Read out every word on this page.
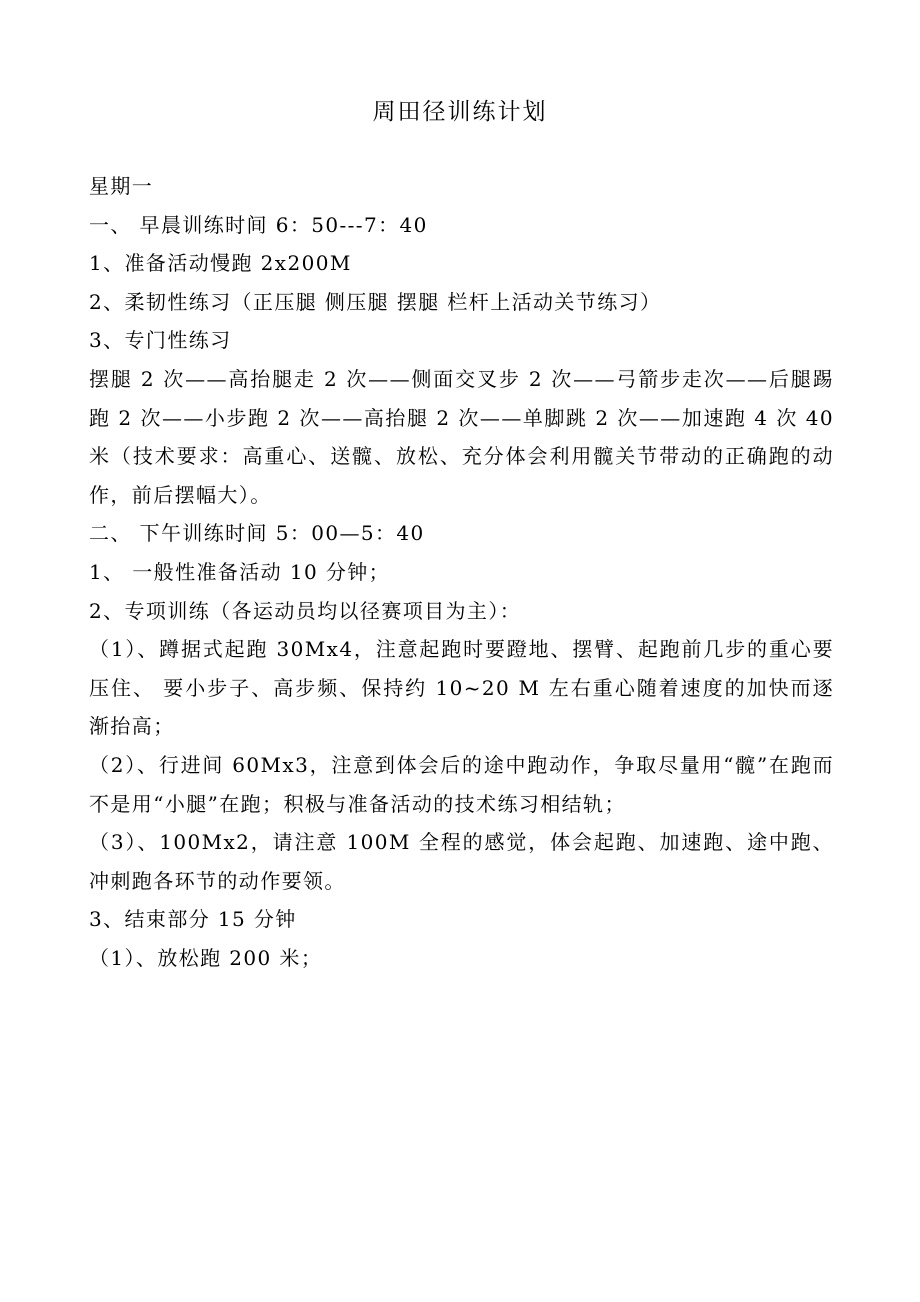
周田径训练计划

星期一

一、 早晨训练时间 6：50---7：40

1、准备活动慢跑 2x200M

2、柔韧性练习（正压腿 侧压腿 摆腿 栏杆上活动关节练习）

3、专门性练习

摆腿 2 次——高抬腿走 2 次——侧面交叉步 2 次——弓箭步走次——后腿踢跑 2 次——小步跑 2 次——高抬腿 2 次——单脚跳 2 次——加速跑 4 次 40 米（技术要求：高重心、送髋、放松、充分体会利用髋关节带动的正确跑的动作，前后摆幅大）。

二、 下午训练时间 5：00—5：40

1、 一般性准备活动 10 分钟；

2、专项训练（各运动员均以径赛项目为主）：

（1）、蹲据式起跑 30Mx4，注意起跑时要蹬地、摆臂、起跑前几步的重心要压住、 要小步子、高步频、保持约 10~20 M 左右重心随着速度的加快而逐渐抬高；

（2）、行进间 60Mx3，注意到体会后的途中跑动作，争取尽量用“髋”在跑而不是用“小腿”在跑；积极与准备活动的技术练习相结轨；

（3）、100Mx2，请注意 100M 全程的感觉，体会起跑、加速跑、途中跑、冲刺跑各环节的动作要领。

3、结束部分 15 分钟

（1）、放松跑 200 米；
